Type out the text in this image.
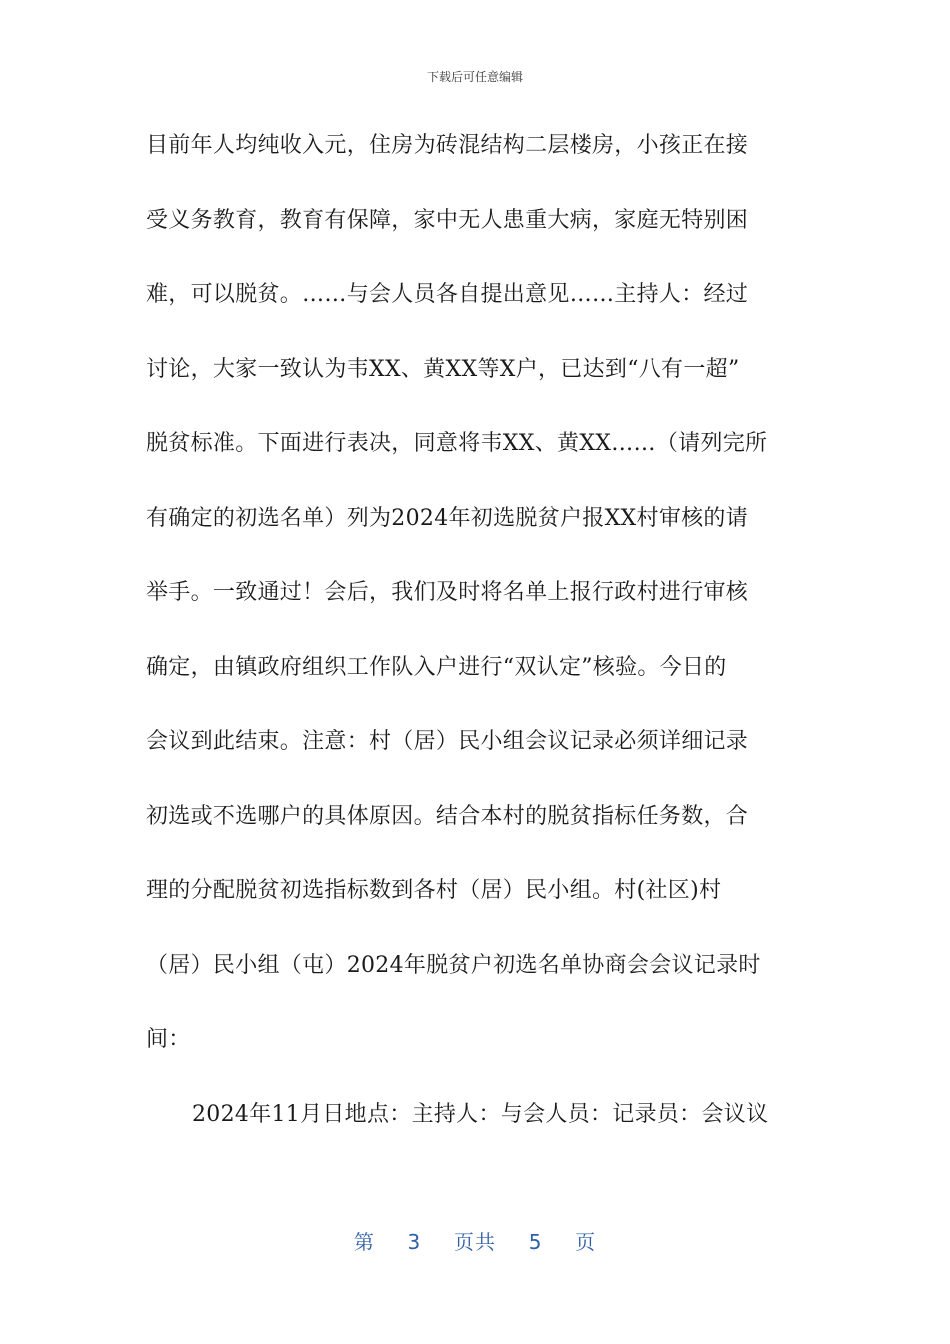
下载后可任意编辑
目前年人均纯收入元，住房为砖混结构二层楼房，小孩正在接
受义务教育，教育有保障，家中无人患重大病，家庭无特别困
难，可以脱贫。……与会人员各自提出意见……主持人：经过
讨论，大家一致认为韦XX、黄XX等X户，已达到“八有一超”
脱贫标准。下面进行表决，同意将韦XX、黄XX……（请列完所
有确定的初选名单）列为2024年初选脱贫户报XX村审核的请
举手。一致通过！会后，我们及时将名单上报行政村进行审核
确定，由镇政府组织工作队入户进行“双认定”核验。今日的
会议到此结束。注意：村（居）民小组会议记录必须详细记录
初选或不选哪户的具体原因。结合本村的脱贫指标任务数，合
理的分配脱贫初选指标数到各村（居）民小组。村(社区)村
（居）民小组（屯）2024年脱贫户初选名单协商会会议记录时
间：
2024年11月日地点：主持人：与会人员：记录员：会议议
第 3 页共 5 页
